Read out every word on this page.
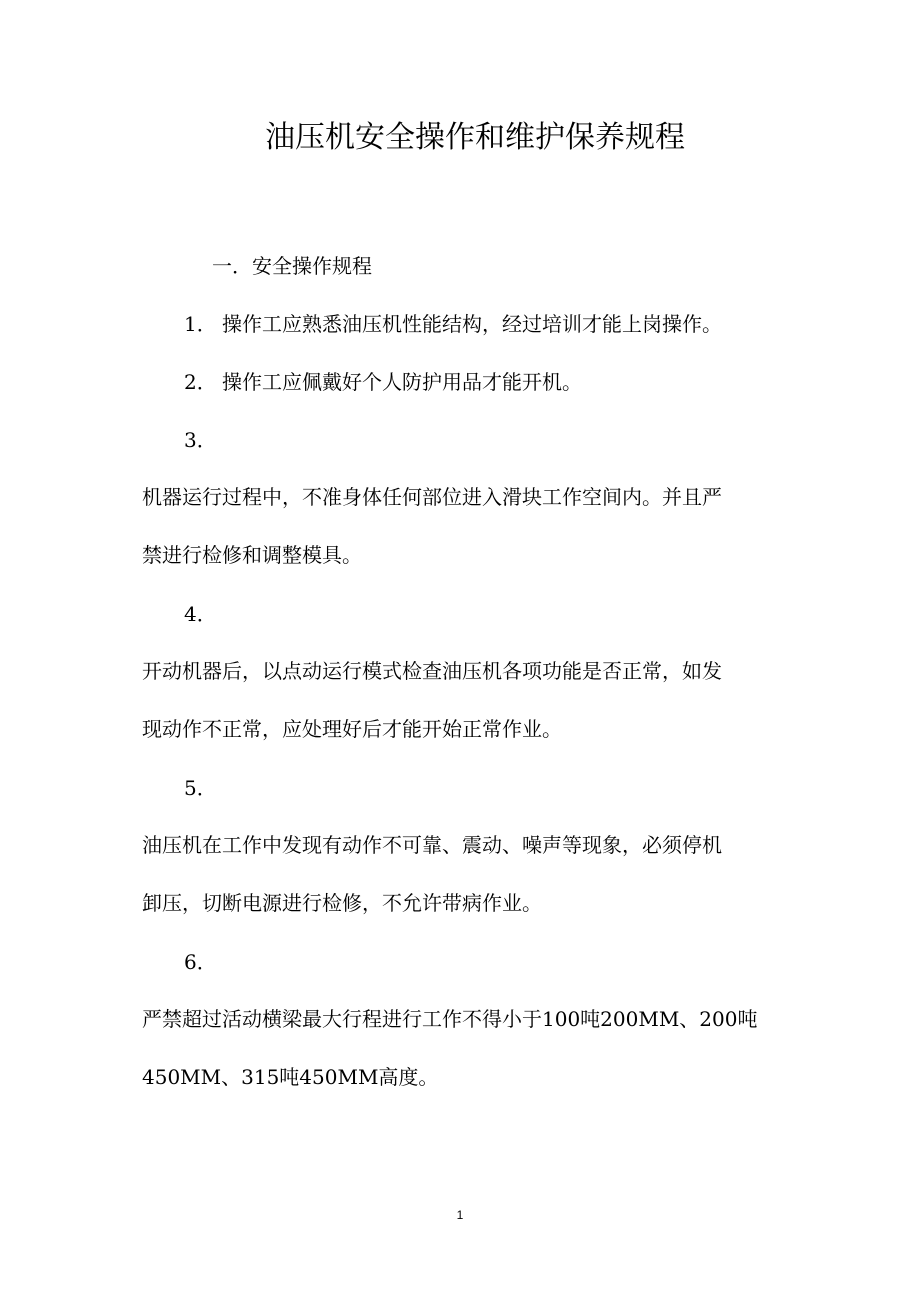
油压机安全操作和维护保养规程
一．安全操作规程
1． 操作工应熟悉油压机性能结构，经过培训才能上岗操作。
2． 操作工应佩戴好个人防护用品才能开机。
3．
机器运行过程中，不准身体任何部位进入滑块工作空间内。并且严
禁进行检修和调整模具。
4．
开动机器后，以点动运行模式检查油压机各项功能是否正常，如发
现动作不正常，应处理好后才能开始正常作业。
5．
油压机在工作中发现有动作不可靠、震动、噪声等现象，必须停机
卸压，切断电源进行检修，不允许带病作业。
6．
严禁超过活动横梁最大行程进行工作不得小于100吨200MM、200吨
450MM、315吨450MM高度。
1
